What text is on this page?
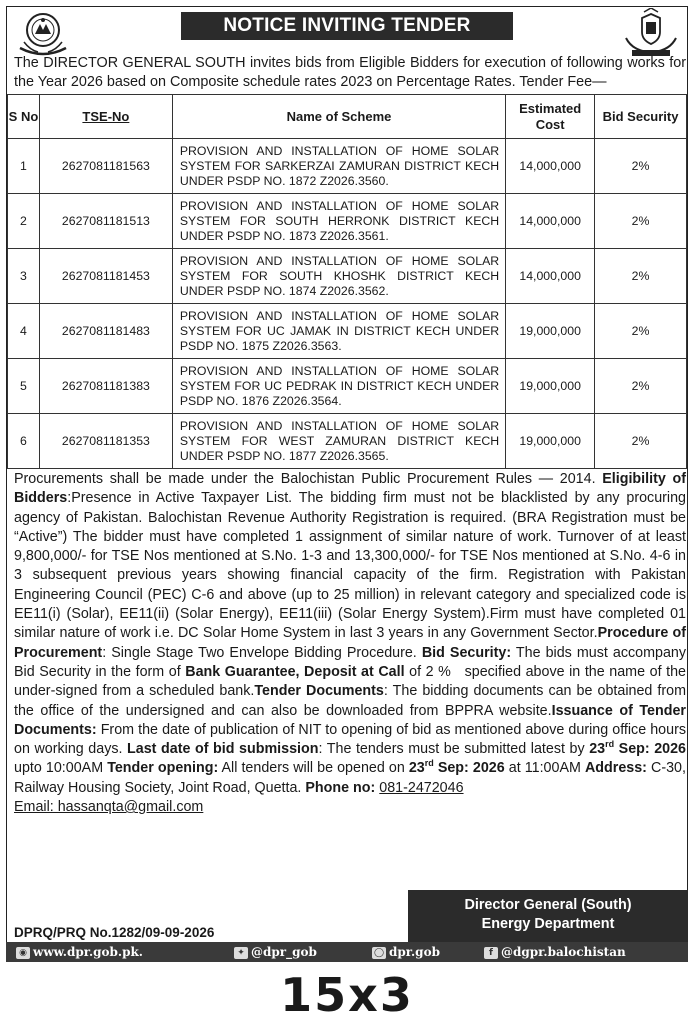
NOTICE INVITING TENDER

The DIRECTOR GENERAL SOUTH invites bids from Eligible Bidders for execution of following works for the Year 2026 based on Composite schedule rates 2023 on Percentage Rates. Tender Fee—

S No	TSE-No	Name of Scheme	Estimated Cost	Bid Security
1	2627081181563	PROVISION AND INSTALLATION OF HOME SOLAR SYSTEM FOR SARKERZAI ZAMURAN DISTRICT KECH UNDER PSDP NO. 1872 Z2026.3560.	14,000,000	2%
2	2627081181513	PROVISION AND INSTALLATION OF HOME SOLAR SYSTEM FOR SOUTH HERRONK DISTRICT KECH UNDER PSDP NO. 1873 Z2026.3561.	14,000,000	2%
3	2627081181453	PROVISION AND INSTALLATION OF HOME SOLAR SYSTEM FOR SOUTH KHOSHK DISTRICT KECH UNDER PSDP NO. 1874 Z2026.3562.	14,000,000	2%
4	2627081181483	PROVISION AND INSTALLATION OF HOME SOLAR SYSTEM FOR UC JAMAK IN DISTRICT KECH UNDER PSDP NO. 1875 Z2026.3563.	19,000,000	2%
5	2627081181383	PROVISION AND INSTALLATION OF HOME SOLAR SYSTEM FOR UC PEDRAK IN DISTRICT KECH UNDER PSDP NO. 1876 Z2026.3564.	19,000,000	2%
6	2627081181353	PROVISION AND INSTALLATION OF HOME SOLAR SYSTEM FOR WEST ZAMURAN DISTRICT KECH UNDER PSDP NO. 1877 Z2026.3565.	19,000,000	2%

Procurements shall be made under the Balochistan Public Procurement Rules — 2014. Eligibility of Bidders:Presence in Active Taxpayer List. The bidding firm must not be blacklisted by any procuring agency of Pakistan. Balochistan Revenue Authority Registration is required. (BRA Registration must be “Active”) The bidder must have completed 1 assignment of similar nature of work. Turnover of at least 9,800,000/- for TSE Nos mentioned at S.No. 1-3 and 13,300,000/- for TSE Nos mentioned at S.No. 4-6 in 3 subsequent previous years showing financial capacity of the firm. Registration with Pakistan Engineering Council (PEC) C-6 and above (up to 25 million) in relevant category and specialized code is EE11(i) (Solar), EE11(ii) (Solar Energy), EE11(iii) (Solar Energy System).Firm must have completed 01 similar nature of work i.e. DC Solar Home System in last 3 years in any Government Sector.Procedure of Procurement: Single Stage Two Envelope Bidding Procedure. Bid Security: The bids must accompany Bid Security in the form of Bank Guarantee, Deposit at Call of 2 %   specified above in the name of the under-signed from a scheduled bank.Tender Documents: The bidding documents can be obtained from the office of the undersigned and can also be downloaded from BPPRA website.Issuance of Tender Documents: From the date of publication of NIT to opening of bid as mentioned above during office hours on working days. Last date of bid submission: The tenders must be submitted latest by 23rd Sep: 2026 upto 10:00AM Tender opening: All tenders will be opened on 23rd Sep: 2026 at 11:00AM Address: C-30, Railway Housing Society, Joint Road, Quetta. Phone no: 081-2472046
Email: hassanqta@gmail.com

Director General (South)
Energy Department
DPRQ/PRQ No.1282/09-09-2026
◉ www.dpr.gob.pk.	✦ @dpr_gob	◯ dpr.gob	f @dgpr.balochistan
15x3
